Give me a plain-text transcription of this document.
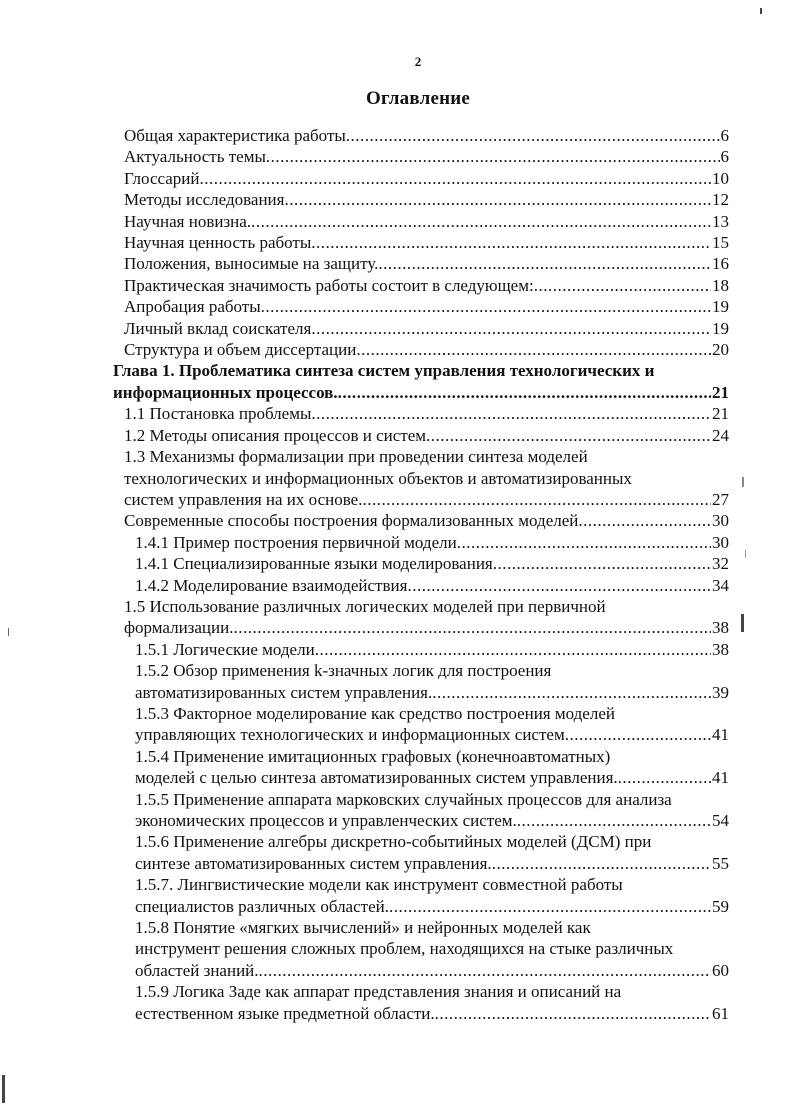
2
Оглавление
Общая характеристика работы .....	6
Актуальность темы .....	6
Глоссарий .....	10
Методы исследования .....	12
Научная новизна. .....	13
Научная ценность работы .....	15
Положения, выносимые на защиту. .....	16
Практическая значимость работы состоит в следующем: .....	18
Апробация работы .....	19
Личный вклад соискателя .....	19
Структура и объем диссертации .....	20
Глава 1. Проблематика синтеза систем управления технологических и
информационных процессов. .....	21
1.1 Постановка проблемы .....	21
1.2 Методы описания процессов и систем .....	24
1.3 Механизмы формализации при проведении синтеза моделей
технологических и информационных объектов и автоматизированных
систем управления на их основе. .....	27
Современные способы построения формализованных моделей .....	30
1.4.1 Пример построения первичной модели .....	30
1.4.1 Специализированные языки моделирования .....	32
1.4.2 Моделирование взаимодействия .....	34
1.5 Использование различных логических моделей при первичной
формализации. .....	38
1.5.1 Логические модели .....	38
1.5.2 Обзор применения k-значных логик для построения
автоматизированных систем управления. .....	39
1.5.3 Факторное моделирование как средство построения моделей
управляющих технологических и информационных систем .....	41
1.5.4 Применение имитационных графовых (конечноавтоматных)
моделей с целью синтеза автоматизированных систем управления. .....	41
1.5.5 Применение аппарата марковских случайных процессов для анализа
экономических процессов и управленческих систем. .....	54
1.5.6 Применение алгебры дискретно-событийных моделей (ДСМ) при
синтезе автоматизированных систем управления. .....	55
1.5.7. Лингвистические модели как инструмент совместной работы
специалистов различных областей. .....	59
1.5.8 Понятие «мягких вычислений» и нейронных моделей как
инструмент решения сложных проблем, находящихся на стыке различных
областей знаний. .....	60
1.5.9 Логика Заде как аппарат представления знания и описаний на
естественном языке предметной области. .....	61
